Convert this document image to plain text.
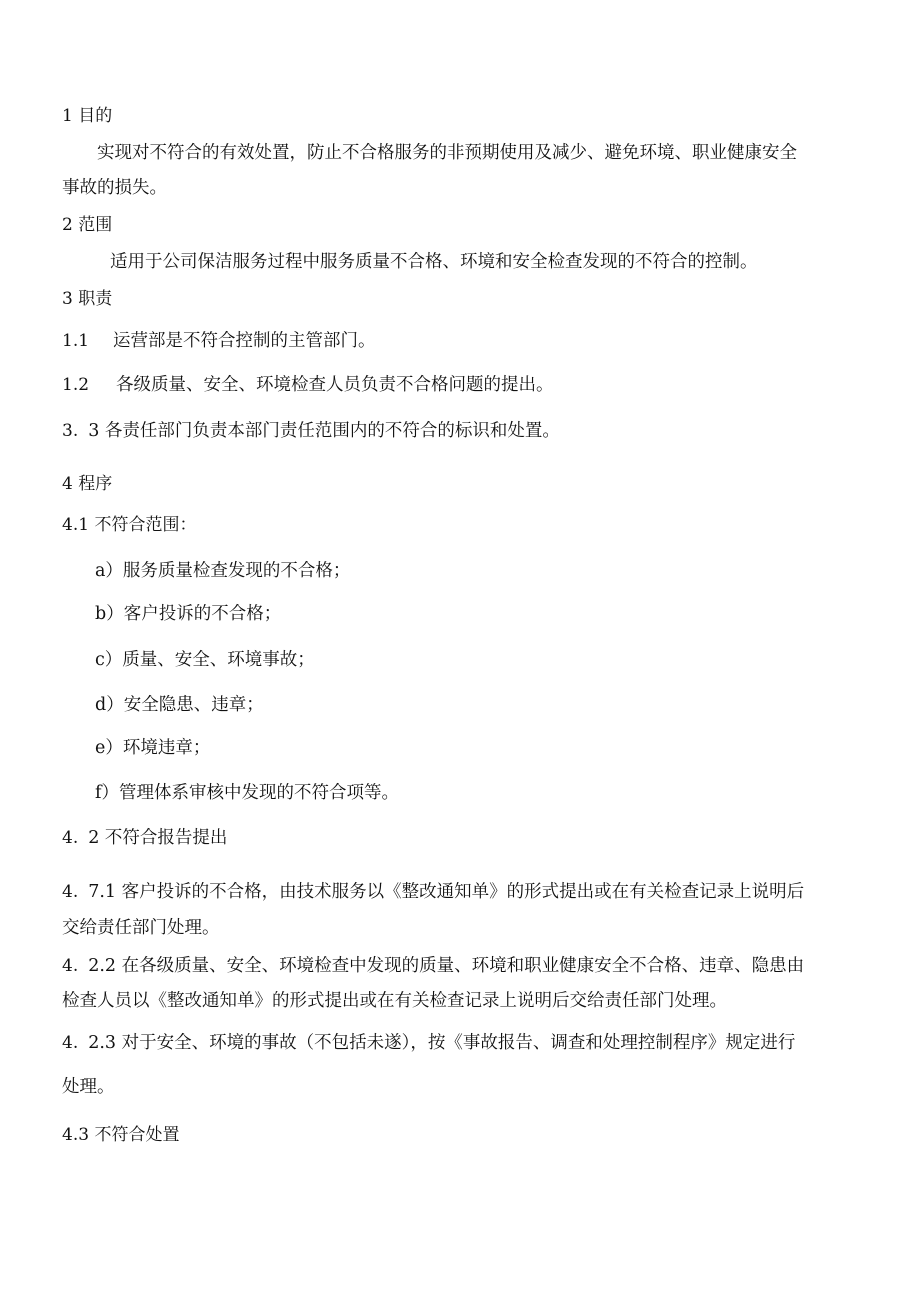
1 目的
实现对不符合的有效处置，防止不合格服务的非预期使用及减少、避免环境、职业健康安全
事故的损失。
2 范围
适用于公司保洁服务过程中服务质量不合格、环境和安全检查发现的不符合的控制。
3 职责
1.1 运营部是不符合控制的主管部门。
1.2 各级质量、安全、环境检查人员负责不合格问题的提出。
3. 3 各责任部门负责本部门责任范围内的不符合的标识和处置。
4 程序
4.1 不符合范围：
a）服务质量检查发现的不合格；
b）客户投诉的不合格；
c）质量、安全、环境事故；
d）安全隐患、违章；
e）环境违章；
f）管理体系审核中发现的不符合项等。
4. 2 不符合报告提出
4. 7.1 客户投诉的不合格，由技术服务以《整改通知单》的形式提出或在有关检查记录上说明后
交给责任部门处理。
4. 2.2 在各级质量、安全、环境检查中发现的质量、环境和职业健康安全不合格、违章、隐患由
检查人员以《整改通知单》的形式提出或在有关检查记录上说明后交给责任部门处理。
4. 2.3 对于安全、环境的事故（不包括未遂），按《事故报告、调查和处理控制程序》规定进行
处理。
4.3 不符合处置
